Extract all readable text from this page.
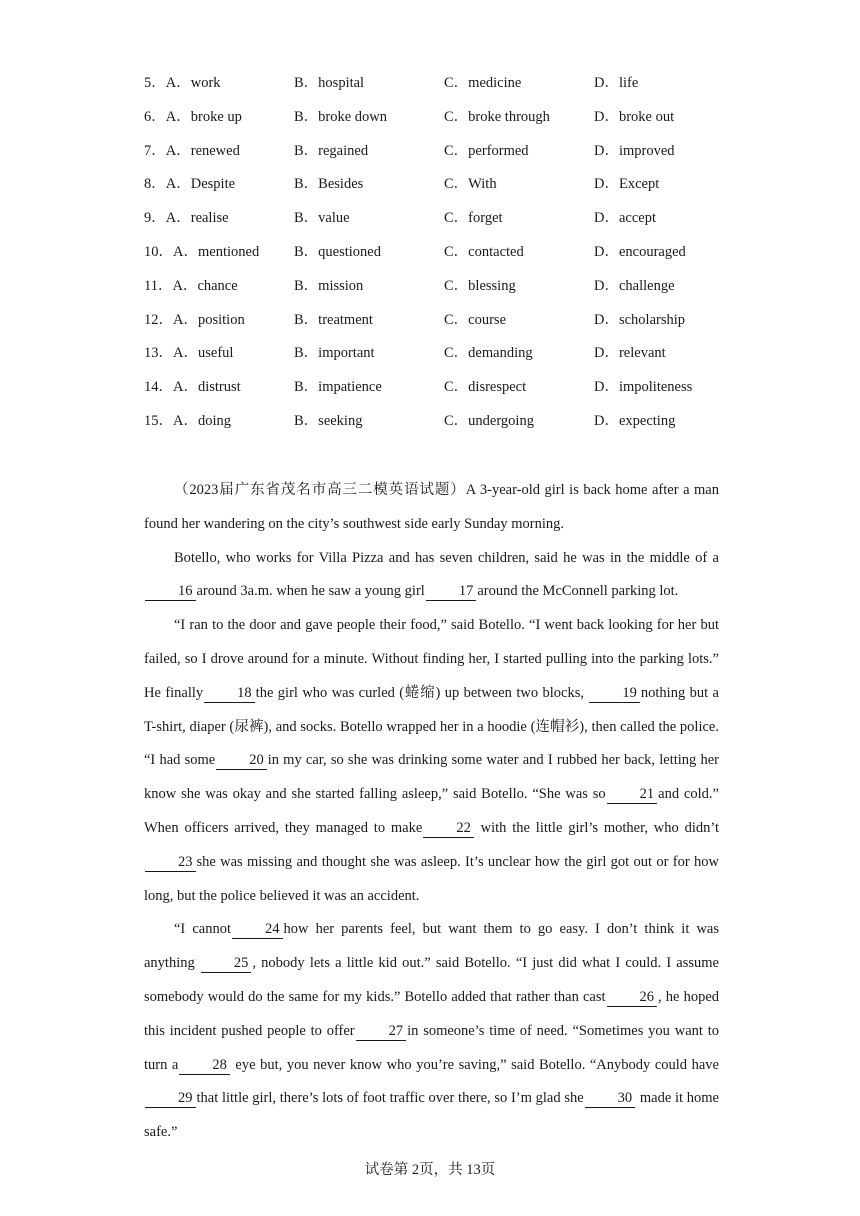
5．A．work	B．hospital	C．medicine	D．life
6．A．broke up	B．broke down	C．broke through	D．broke out
7．A．renewed	B．regained	C．performed	D．improved
8．A．Despite	B．Besides	C．With	D．Except
9．A．realise	B．value	C．forget	D．accept
10．A．mentioned B．questioned	C．contacted	D．encouraged
11．A．chance	B．mission	C．blessing	D．challenge
12．A．position	B．treatment	C．course	D．scholarship
13．A．useful	B．important	C．demanding	D．relevant
14．A．distrust	B．impatience	C．disrespect	D．impoliteness
15．A．doing	B．seeking	C．undergoing	D．expecting

（2023届广东省茂名市高三二模英语试题）A 3-year-old girl is back home after a man found her wandering on the city’s southwest side early Sunday morning.

Botello, who works for Villa Pizza and has seven children, said he was in the middle of a 16 around 3a.m. when he saw a young girl 17 around the McConnell parking lot.

“I ran to the door and gave people their food,” said Botello. “I went back looking for her but failed, so I drove around for a minute. Without finding her, I started pulling into the parking lots.” He finally 18 the girl who was curled (蜷缩) up between two blocks, 19 nothing but a T-shirt, diaper (尿裤), and socks. Botello wrapped her in a hoodie (连帽衫), then called the police. “I had some 20 in my car, so she was drinking some water and I rubbed her back, letting her know she was okay and she started falling asleep,” said Botello. “She was so 21 and cold.” When officers arrived, they managed to make 22 with the little girl’s mother, who didn’t 23 she was missing and thought she was asleep. It’s unclear how the girl got out or for how long, but the police believed it was an accident.

“I cannot 24 how her parents feel, but want them to go easy. I don’t think it was anything 25 , nobody lets a little kid out.” said Botello. “I just did what I could. I assume somebody would do the same for my kids.” Botello added that rather than cast 26 , he hoped this incident pushed people to offer 27 in someone’s time of need. “Sometimes you want to turn a 28 eye but, you never know who you’re saving,” said Botello. “Anybody could have29 that little girl, there’s lots of foot traffic over there, so I’m glad she 30 made it home safe.”

试卷第 2页，共 13页
